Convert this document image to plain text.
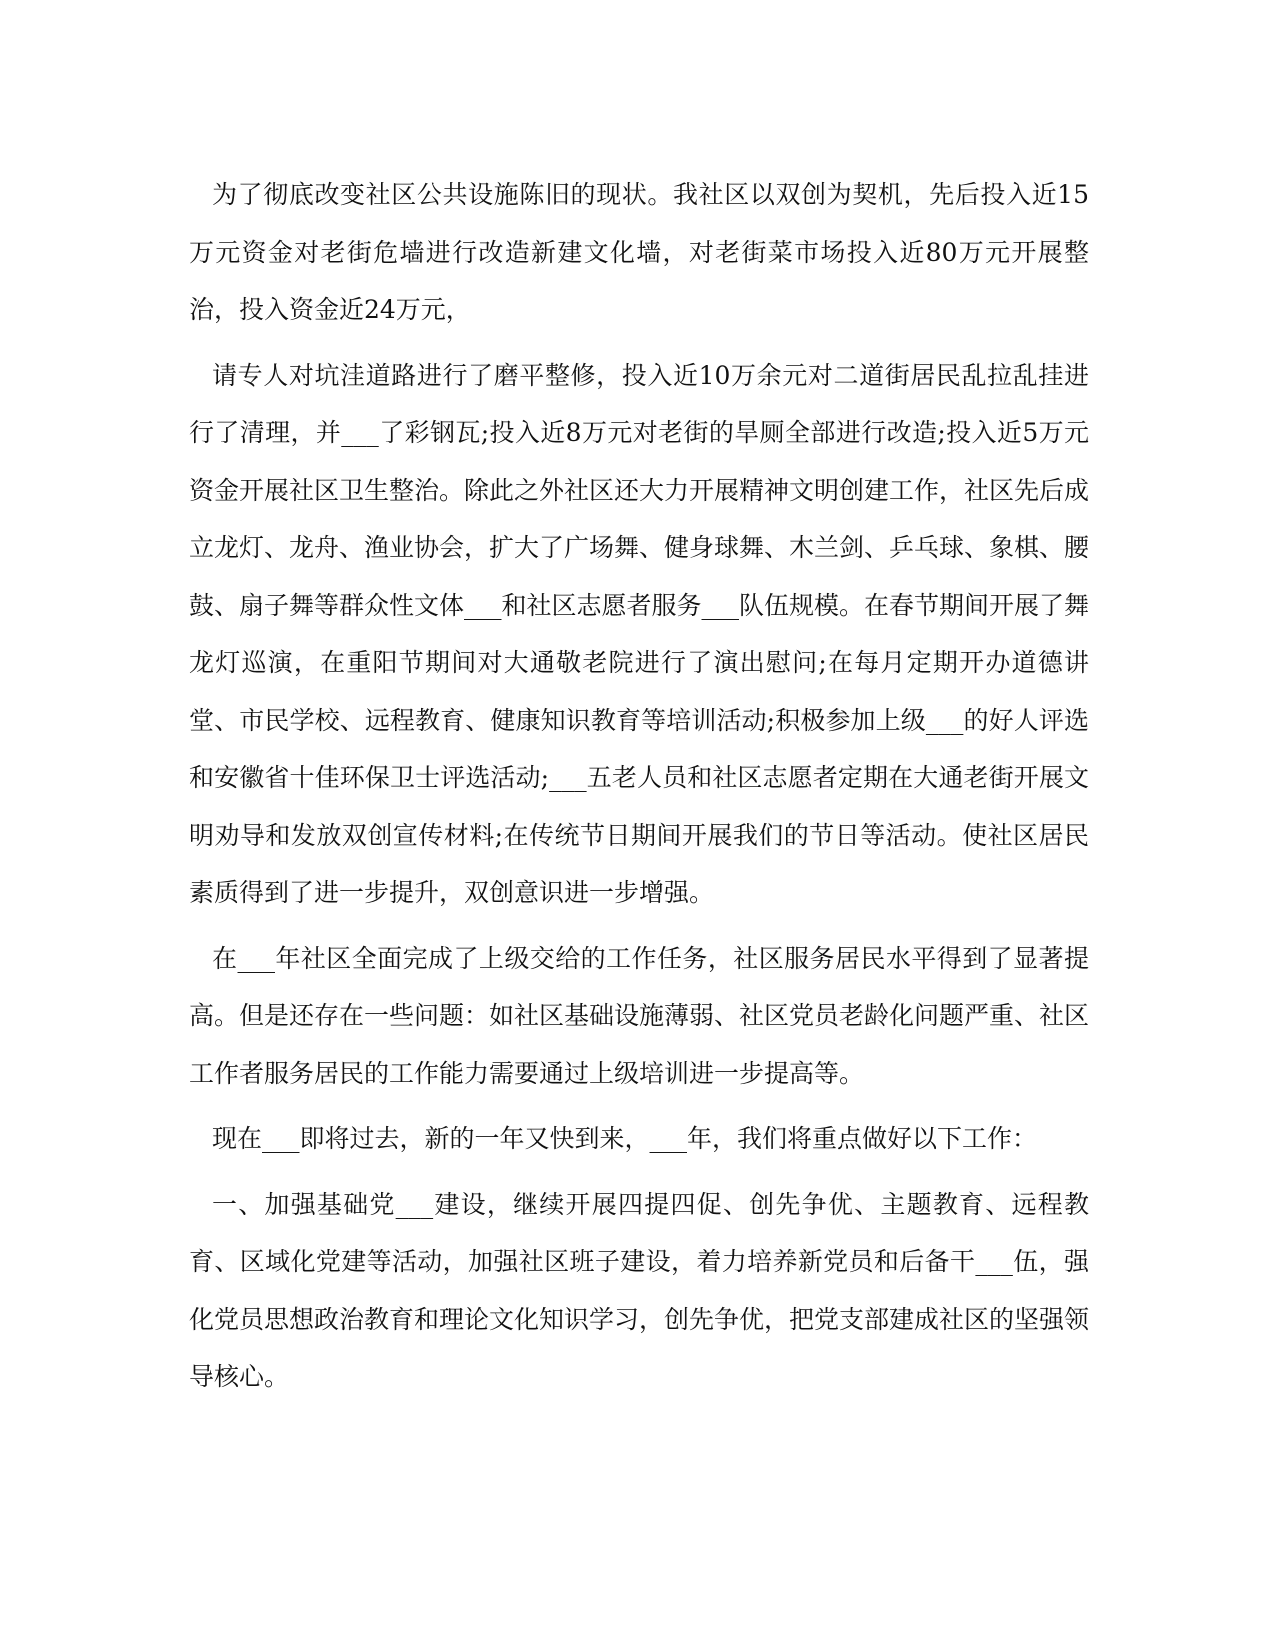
为了彻底改变社区公共设施陈旧的现状。我社区以双创为契机，先后投入近15万元资金对老街危墙进行改造新建文化墙，对老街菜市场投入近80万元开展整治，投入资金近24万元，

请专人对坑洼道路进行了磨平整修，投入近10万余元对二道街居民乱拉乱挂进行了清理，并___了彩钢瓦;投入近8万元对老街的旱厕全部进行改造;投入近5万元资金开展社区卫生整治。除此之外社区还大力开展精神文明创建工作，社区先后成立龙灯、龙舟、渔业协会，扩大了广场舞、健身球舞、木兰剑、乒乓球、象棋、腰鼓、扇子舞等群众性文体___和社区志愿者服务___队伍规模。在春节期间开展了舞龙灯巡演，在重阳节期间对大通敬老院进行了演出慰问;在每月定期开办道德讲堂、市民学校、远程教育、健康知识教育等培训活动;积极参加上级___的好人评选和安徽省十佳环保卫士评选活动;___五老人员和社区志愿者定期在大通老街开展文明劝导和发放双创宣传材料;在传统节日期间开展我们的节日等活动。使社区居民素质得到了进一步提升，双创意识进一步增强。

在___年社区全面完成了上级交给的工作任务，社区服务居民水平得到了显著提高。但是还存在一些问题：如社区基础设施薄弱、社区党员老龄化问题严重、社区工作者服务居民的工作能力需要通过上级培训进一步提高等。

现在___即将过去，新的一年又快到来，___年，我们将重点做好以下工作：

一、加强基础党___建设，继续开展四提四促、创先争优、主题教育、远程教育、区域化党建等活动，加强社区班子建设，着力培养新党员和后备干___伍，强化党员思想政治教育和理论文化知识学习，创先争优，把党支部建成社区的坚强领导核心。
